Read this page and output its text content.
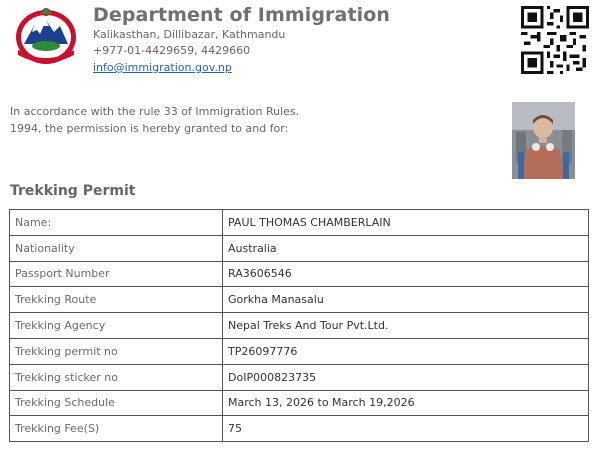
Department of Immigration
Kalikasthan, Dillibazar, Kathmandu
+977-01-4429659, 4429660
info@immigration.gov.np
In accordance with the rule 33 of Immigration Rules.
1994, the permission is hereby granted to and for:
Trekking Permit
Name:	PAUL THOMAS CHAMBERLAIN
Nationality	Australia
Passport Number	RA3606546
Trekking Route	Gorkha Manasalu
Trekking Agency	Nepal Treks And Tour Pvt.Ltd.
Trekking permit no	TP26097776
Trekking sticker no	DoIP000823735
Trekking Schedule	March 13, 2026 to March 19,2026
Trekking Fee(S)	75
